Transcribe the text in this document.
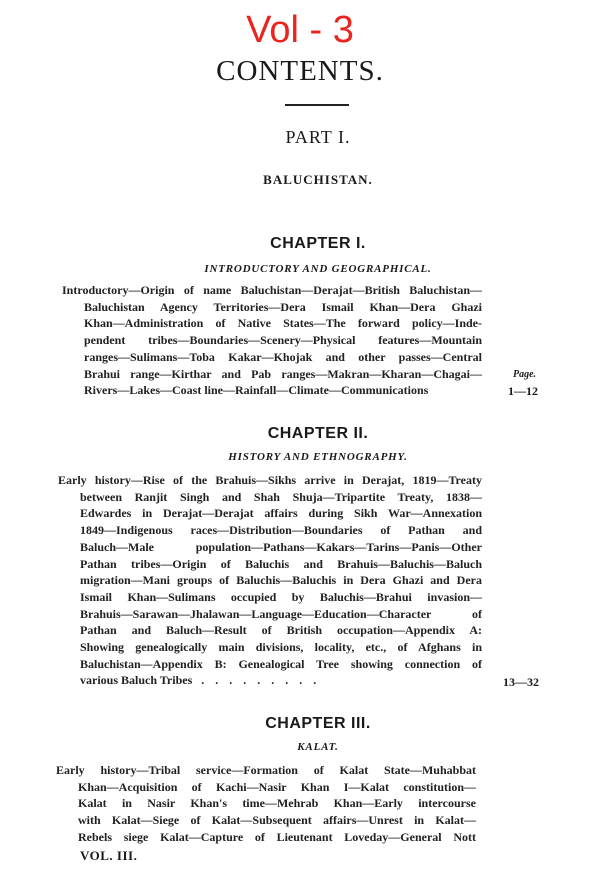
Vol - 3
CONTENTS.
PART I.
BALUCHISTAN.
CHAPTER I.
INTRODUCTORY AND GEOGRAPHICAL.
Introductory—Origin of name Baluchistan—Derajat—British Baluchistan—
Baluchistan Agency Territories—Dera Ismail Khan—Dera Ghazi
Khan—Administration of Native States—The forward policy—Inde-
pendent tribes—Boundaries—Scenery—Physical features—Mountain
ranges—Sulimans—Toba Kakar—Khojak and other passes—Central
Brahui range—Kirthar and Pab ranges—Makran—Kharan—Chagai—
Rivers—Lakes—Coast line—Rainfall—Climate—Communications
Page.
1—12
CHAPTER II.
HISTORY AND ETHNOGRAPHY.
Early history—Rise of the Brahuis—Sikhs arrive in Derajat, 1819—Treaty
between Ranjit Singh and Shah Shuja—Tripartite Treaty, 1838—
Edwardes in Derajat—Derajat affairs during Sikh War—Annexation
1849—Indigenous races—Distribution—Boundaries of Pathan and
Baluch—Male population—Pathans—Kakars—Tarins—Panis—Other
Pathan tribes—Origin of Baluchis and Brahuis—Baluchis—Baluch
migration—Mani groups of Baluchis—Baluchis in Dera Ghazi and Dera
Ismail Khan—Sulimans occupied by Baluchis—Brahui invasion—
Brahuis—Sarawan—Jhalawan—Language—Education—Character of
Pathan and Baluch—Result of British occupation—Appendix A:
Showing genealogically main divisions, locality, etc., of Afghans in
Baluchistan—Appendix B: Genealogical Tree showing connection of
various Baluch Tribes . . . . . . . . .	13—32
CHAPTER III.
KALAT.
Early history—Tribal service—Formation of Kalat State—Muhabbat
Khan—Acquisition of Kachi—Nasir Khan I—Kalat constitution—
Kalat in Nasir Khan's time—Mehrab Khan—Early intercourse
with Kalat—Siege of Kalat—Subsequent affairs—Unrest in Kalat—
Rebels siege Kalat—Capture of Lieutenant Loveday—General Nott
VOL. III.
